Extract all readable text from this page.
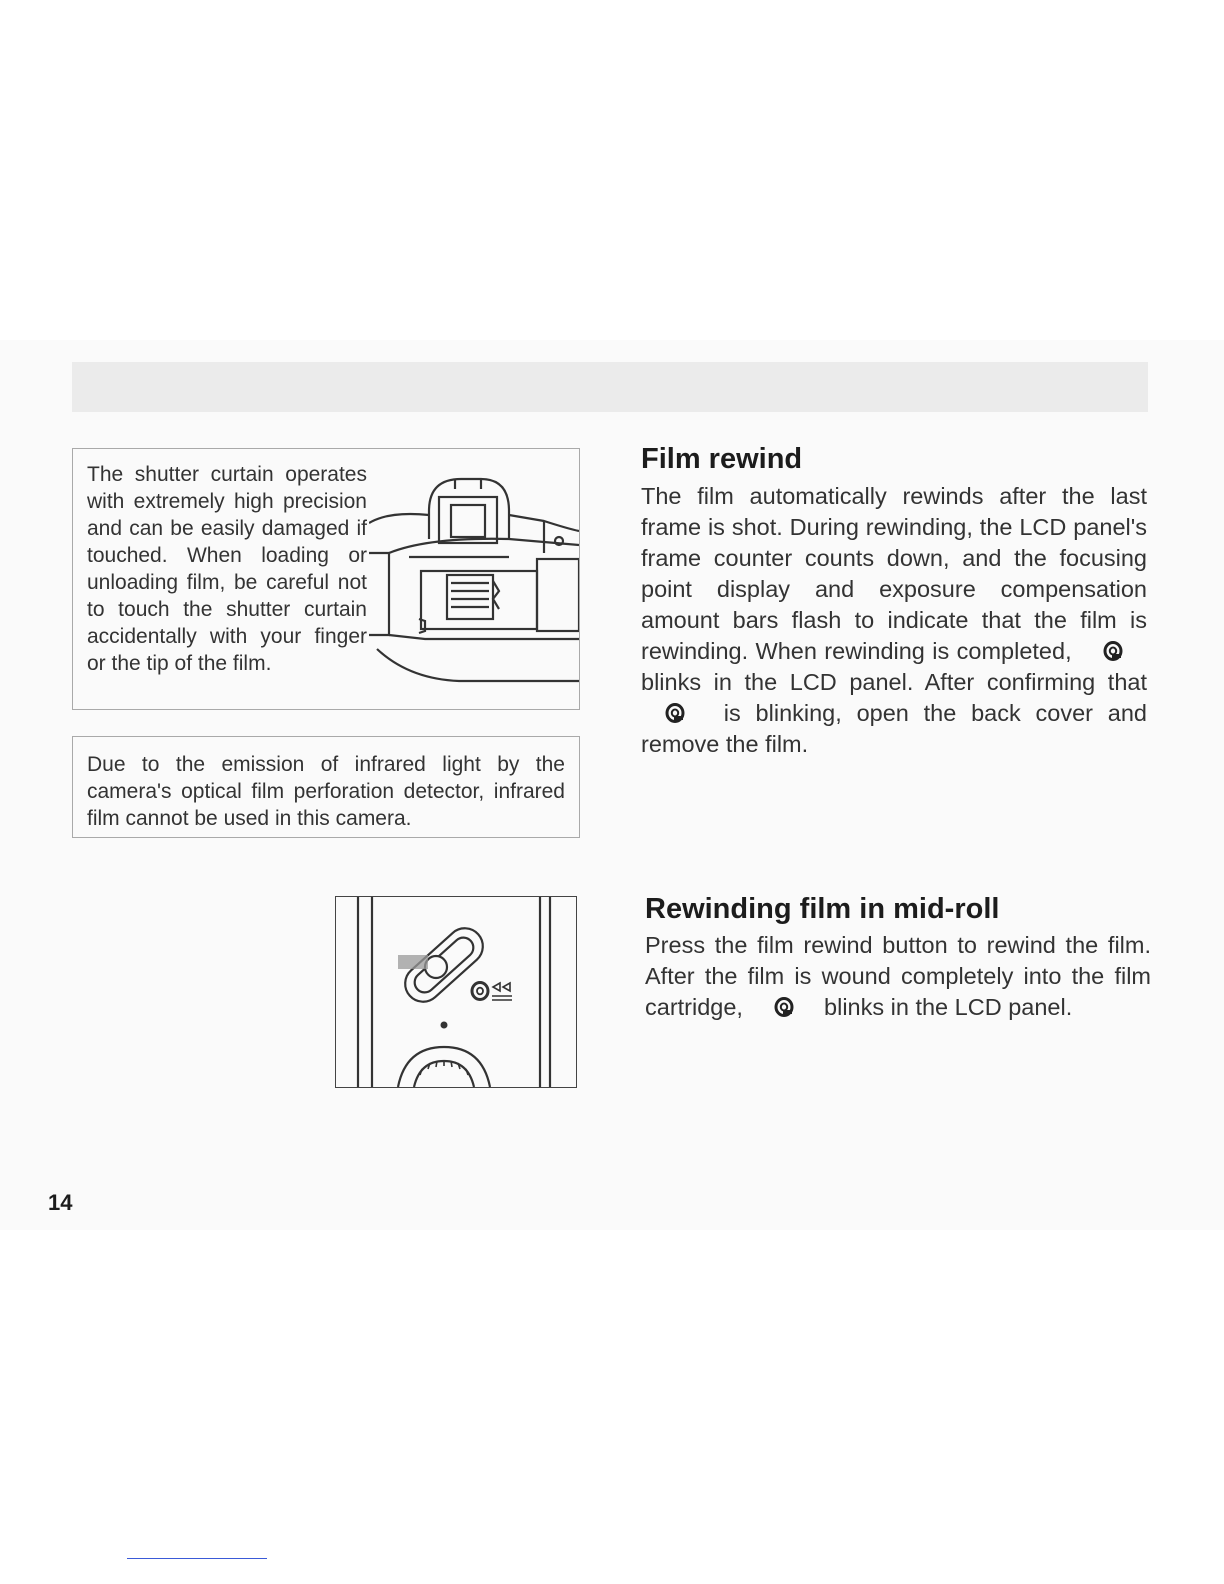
The shutter curtain operates with extremely high precision and can be easily damaged if touched. When loading or unloading film, be careful not to touch the shutter curtain accidentally with your finger or the tip of the film.

Due to the emission of infrared light by the camera's optical film perforation detector, infrared film cannot be used in this camera.

Film rewind

The film automatically rewinds after the last frame is shot. During rewinding, the LCD panel's frame counter counts down, and the focusing point display and exposure compensation amount bars flash to indicate that the film is rewinding. When rewinding is completed,  blinks in the LCD panel. After confirming that  is blinking, open the back cover and remove the film.

Rewinding film in mid-roll

Press the film rewind button to rewind the film. After the film is wound completely into the film cartridge,	blinks in the LCD panel.

14
